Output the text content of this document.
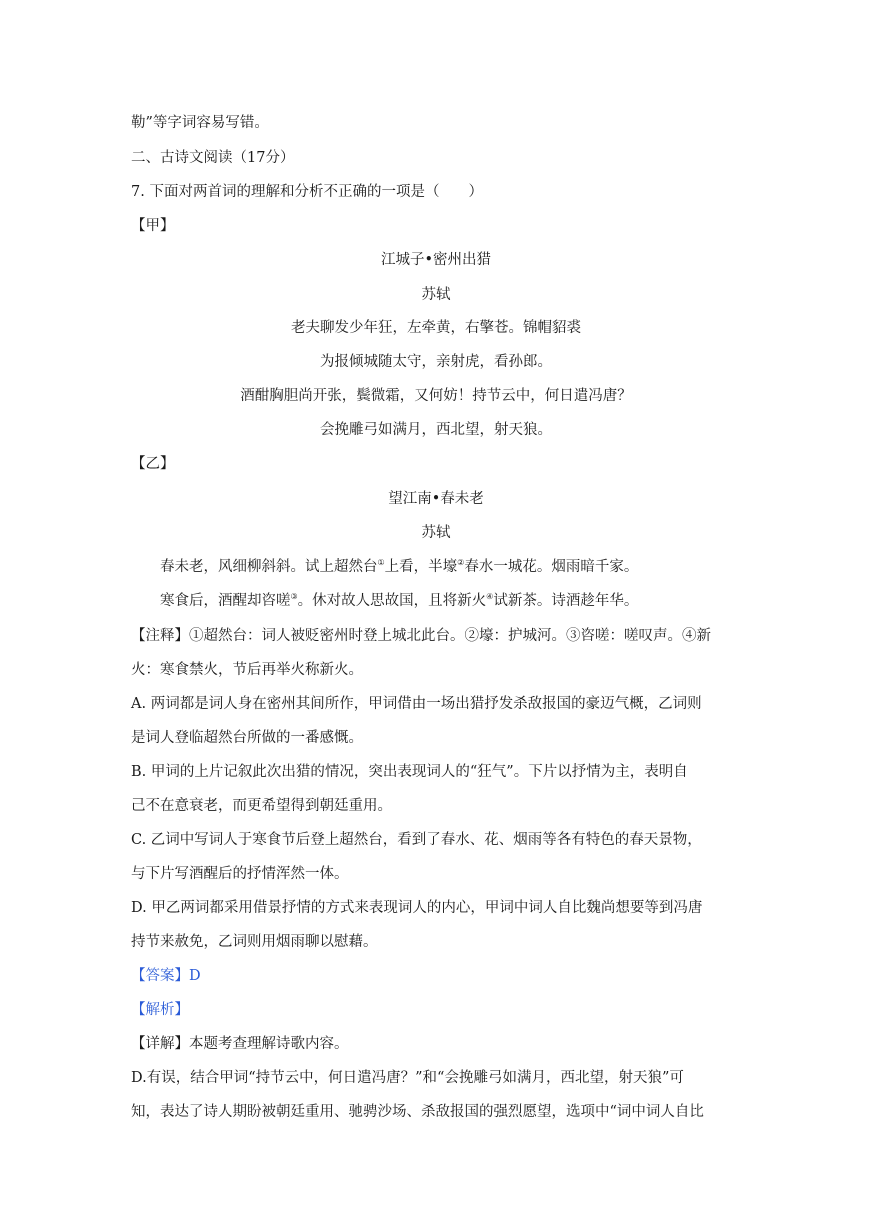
勒”等字词容易写错。
二、古诗文阅读（17分）
7. 下面对两首词的理解和分析不正确的一项是（　　）
【甲】
江城子•密州出猎
苏轼
老夫聊发少年狂，左牵黄，右擎苍。锦帽貂裘
为报倾城随太守，亲射虎，看孙郎。
酒酣胸胆尚开张，鬓微霜，又何妨！持节云中，何日遣冯唐？
会挽雕弓如满月，西北望，射天狼。
【乙】
望江南•春未老
苏轼
春未老，风细柳斜斜。试上超然台①上看，半壕②春水一城花。烟雨暗千家。
寒食后，酒醒却咨嗟③。休对故人思故国，且将新火④试新茶。诗酒趁年华。
【注释】①超然台：词人被贬密州时登上城北此台。②壕：护城河。③咨嗟：嗟叹声。④新
火：寒食禁火，节后再举火称新火。
A. 两词都是词人身在密州其间所作，甲词借由一场出猎抒发杀敌报国的豪迈气概，乙词则
是词人登临超然台所做的一番感慨。
B. 甲词的上片记叙此次出猎的情况，突出表现词人的“狂气”。下片以抒情为主，表明自
己不在意衰老，而更希望得到朝廷重用。
C. 乙词中写词人于寒食节后登上超然台，看到了春水、花、烟雨等各有特色的春天景物，
与下片写酒醒后的抒情浑然一体。
D. 甲乙两词都采用借景抒情的方式来表现词人的内心，甲词中词人自比魏尚想要等到冯唐
持节来赦免，乙词则用烟雨聊以慰藉。
【答案】D
【解析】
【详解】本题考查理解诗歌内容。
D.有误，结合甲词“持节云中，何日遣冯唐？”和“会挽雕弓如满月，西北望，射天狼”可
知，表达了诗人期盼被朝廷重用、驰骋沙场、杀敌报国的强烈愿望，选项中“词中词人自比
